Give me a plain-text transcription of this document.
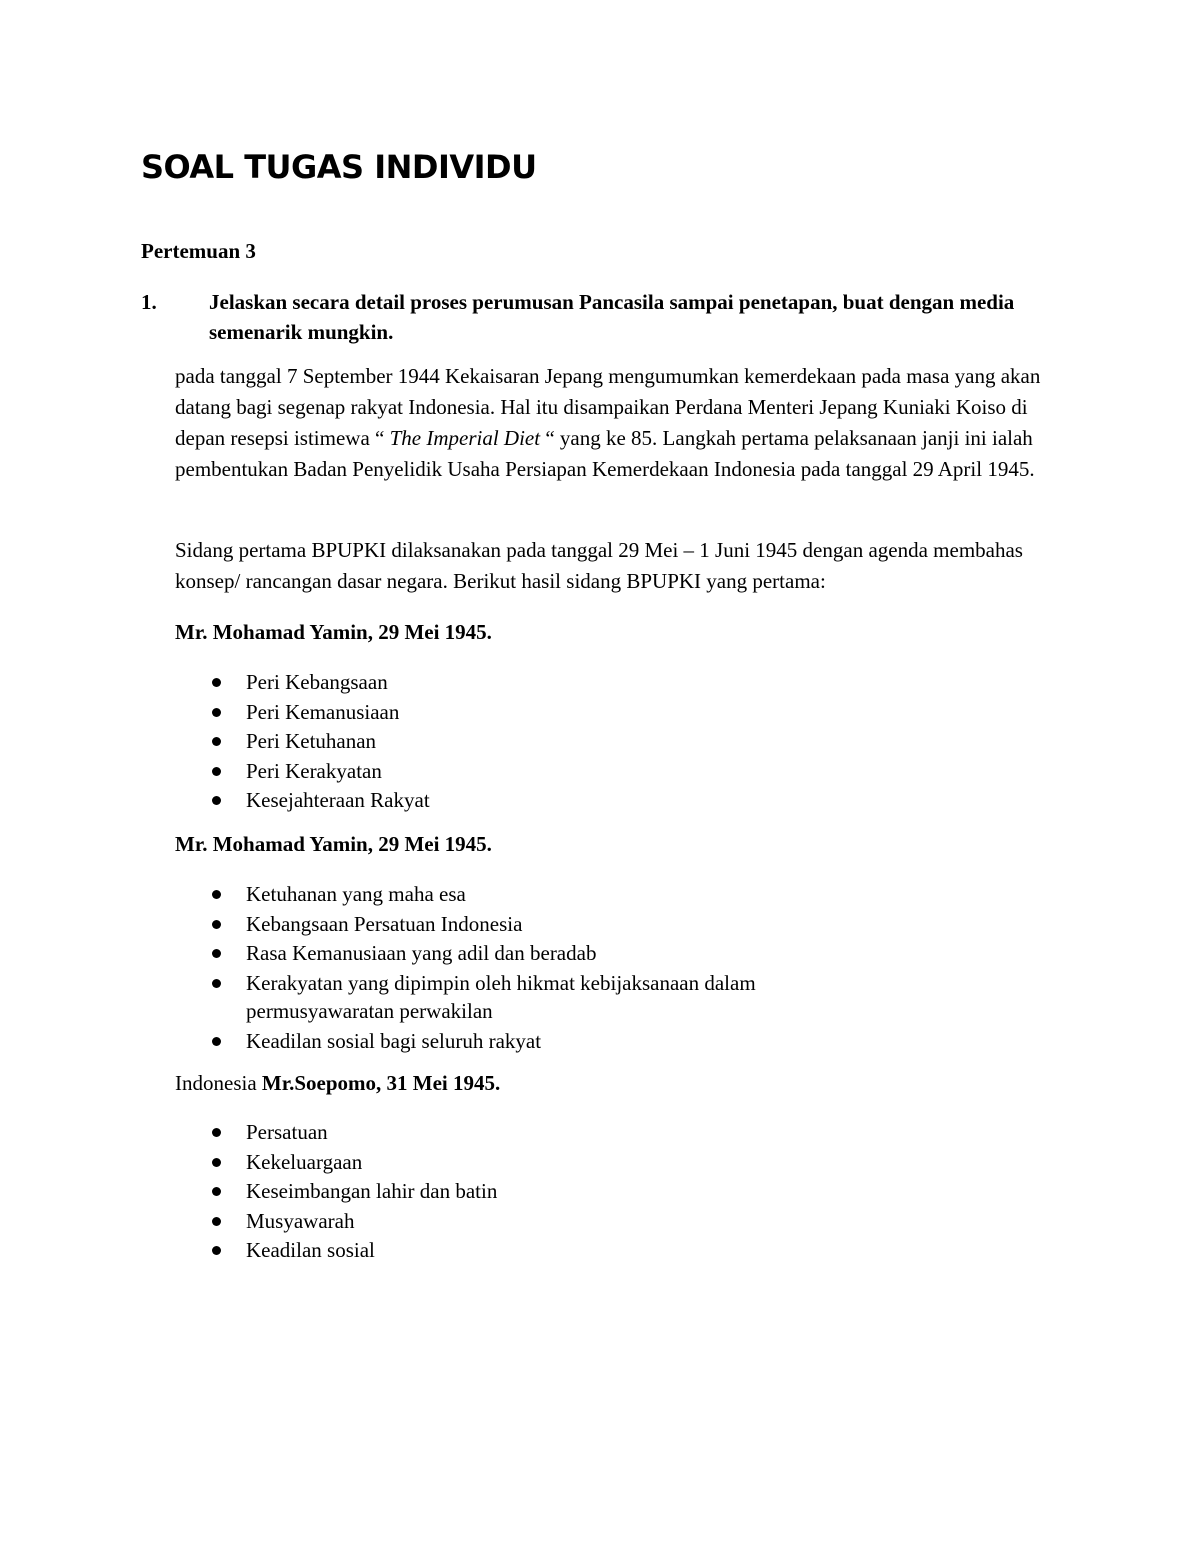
SOAL TUGAS INDIVIDU

Pertemuan 3

1.	Jelaskan secara detail proses perumusan Pancasila sampai penetapan, buat dengan media semenarik mungkin.

pada tanggal 7 September 1944 Kekaisaran Jepang mengumumkan kemerdekaan pada masa yang akan datang bagi segenap rakyat Indonesia. Hal itu disampaikan Perdana Menteri Jepang Kuniaki Koiso di depan resepsi istimewa “ The Imperial Diet “ yang ke 85. Langkah pertama pelaksanaan janji ini ialah pembentukan Badan Penyelidik Usaha Persiapan Kemerdekaan Indonesia pada tanggal 29 April 1945.

Sidang pertama BPUPKI dilaksanakan pada tanggal 29 Mei – 1 Juni 1945 dengan agenda membahas konsep/ rancangan dasar negara. Berikut hasil sidang BPUPKI yang pertama:

Mr. Mohamad Yamin, 29 Mei 1945.

Peri Kebangsaan
Peri Kemanusiaan
Peri Ketuhanan
Peri Kerakyatan
Kesejahteraan Rakyat

Mr. Mohamad Yamin, 29 Mei 1945.

Ketuhanan yang maha esa
Kebangsaan Persatuan Indonesia
Rasa Kemanusiaan yang adil dan beradab
Kerakyatan yang dipimpin oleh hikmat kebijaksanaan dalam permusyawaratan perwakilan
Keadilan sosial bagi seluruh rakyat

Indonesia Mr.Soepomo, 31 Mei 1945.

Persatuan
Kekeluargaan
Keseimbangan lahir dan batin
Musyawarah
Keadilan sosial
